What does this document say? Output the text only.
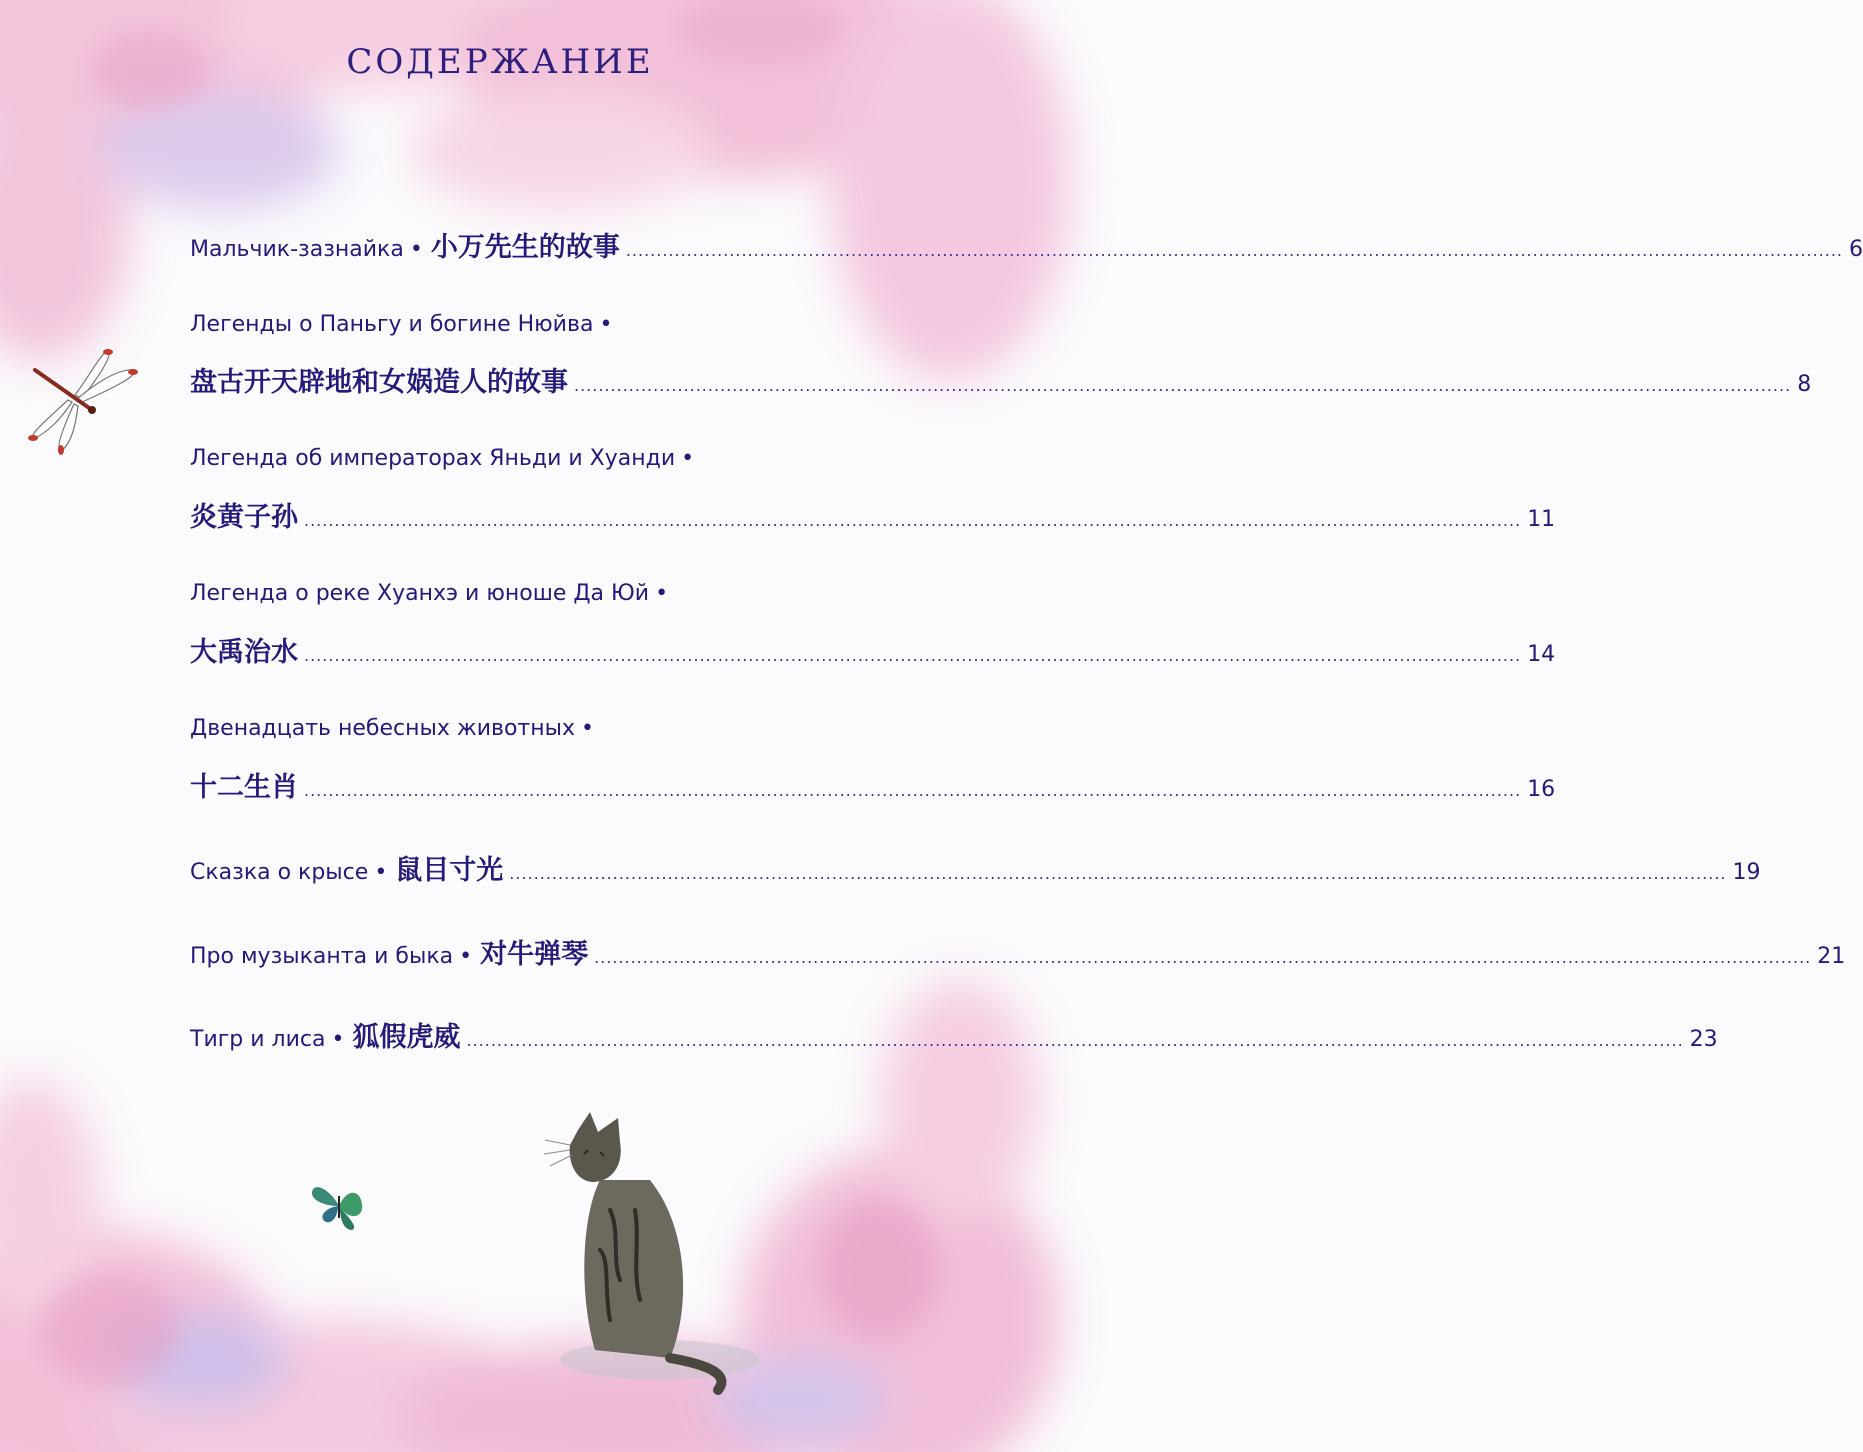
СОДЕРЖАНИЕ
Мальчик-зазнайка • 小万先生的故事 ........................................................................................................................................................................................................ 6
Легенды о Паньгу и богине Нюйва •
盘古开天辟地和女娲造人的故事 ........................................................................................................................................................................................................ 8
Легенда об императорах Яньди и Хуанди •
炎黄子孙 ........................................................................................................................................................................................................ 11
Легенда о реке Хуанхэ и юноше Да Юй •
大禹治水 ........................................................................................................................................................................................................ 14
Двенадцать небесных животных •
十二生肖 ........................................................................................................................................................................................................ 16
Сказка о крысе • 鼠目寸光 ........................................................................................................................................................................................................ 19
Про музыканта и быка • 对牛弹琴 ........................................................................................................................................................................................................ 21
Тигр и лиса • 狐假虎威 ........................................................................................................................................................................................................ 23
